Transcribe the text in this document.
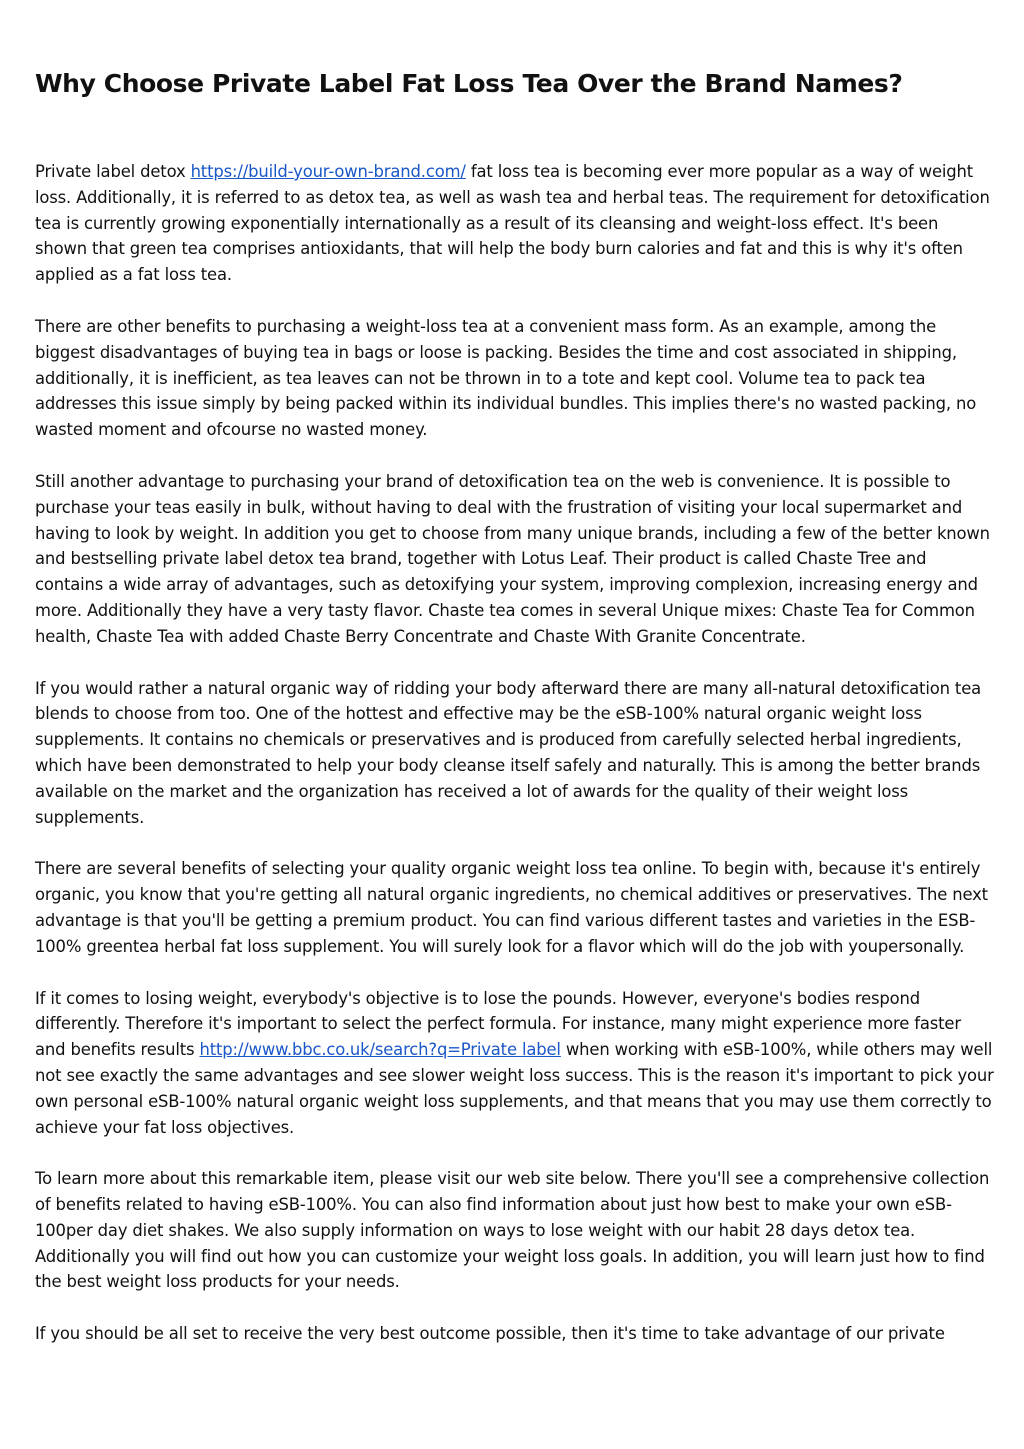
Why Choose Private Label Fat Loss Tea Over the Brand Names?

Private label detox https://build-your-own-brand.com/ fat loss tea is becoming ever more popular as a way of weight loss. Additionally, it is referred to as detox tea, as well as wash tea and herbal teas. The requirement for detoxification tea is currently growing exponentially internationally as a result of its cleansing and weight-loss effect. It's been shown that green tea comprises antioxidants, that will help the body burn calories and fat and this is why it's often applied as a fat loss tea.

There are other benefits to purchasing a weight-loss tea at a convenient mass form. As an example, among the biggest disadvantages of buying tea in bags or loose is packing. Besides the time and cost associated in shipping, additionally, it is inefficient, as tea leaves can not be thrown in to a tote and kept cool. Volume tea to pack tea addresses this issue simply by being packed within its individual bundles. This implies there's no wasted packing, no wasted moment and ofcourse no wasted money.

Still another advantage to purchasing your brand of detoxification tea on the web is convenience. It is possible to purchase your teas easily in bulk, without having to deal with the frustration of visiting your local supermarket and having to look by weight. In addition you get to choose from many unique brands, including a few of the better known and bestselling private label detox tea brand, together with Lotus Leaf. Their product is called Chaste Tree and contains a wide array of advantages, such as detoxifying your system, improving complexion, increasing energy and more. Additionally they have a very tasty flavor. Chaste tea comes in several Unique mixes: Chaste Tea for Common health, Chaste Tea with added Chaste Berry Concentrate and Chaste With Granite Concentrate.

If you would rather a natural organic way of ridding your body afterward there are many all-natural detoxification tea blends to choose from too. One of the hottest and effective may be the eSB-100% natural organic weight loss supplements. It contains no chemicals or preservatives and is produced from carefully selected herbal ingredients, which have been demonstrated to help your body cleanse itself safely and naturally. This is among the better brands available on the market and the organization has received a lot of awards for the quality of their weight loss supplements.

There are several benefits of selecting your quality organic weight loss tea online. To begin with, because it's entirely organic, you know that you're getting all natural organic ingredients, no chemical additives or preservatives. The next advantage is that you'll be getting a premium product. You can find various different tastes and varieties in the ESB-100% greentea herbal fat loss supplement. You will surely look for a flavor which will do the job with youpersonally.

If it comes to losing weight, everybody's objective is to lose the pounds. However, everyone's bodies respond differently. Therefore it's important to select the perfect formula. For instance, many might experience more faster and benefits results http://www.bbc.co.uk/search?q=Private label when working with eSB-100%, while others may well not see exactly the same advantages and see slower weight loss success. This is the reason it's important to pick your own personal eSB-100% natural organic weight loss supplements, and that means that you may use them correctly to achieve your fat loss objectives.

To learn more about this remarkable item, please visit our web site below. There you'll see a comprehensive collection of benefits related to having eSB-100%. You can also find information about just how best to make your own eSB-100per day diet shakes. We also supply information on ways to lose weight with our habit 28 days detox tea. Additionally you will find out how you can customize your weight loss goals. In addition, you will learn just how to find the best weight loss products for your needs.

If you should be all set to receive the very best outcome possible, then it's time to take advantage of our private
